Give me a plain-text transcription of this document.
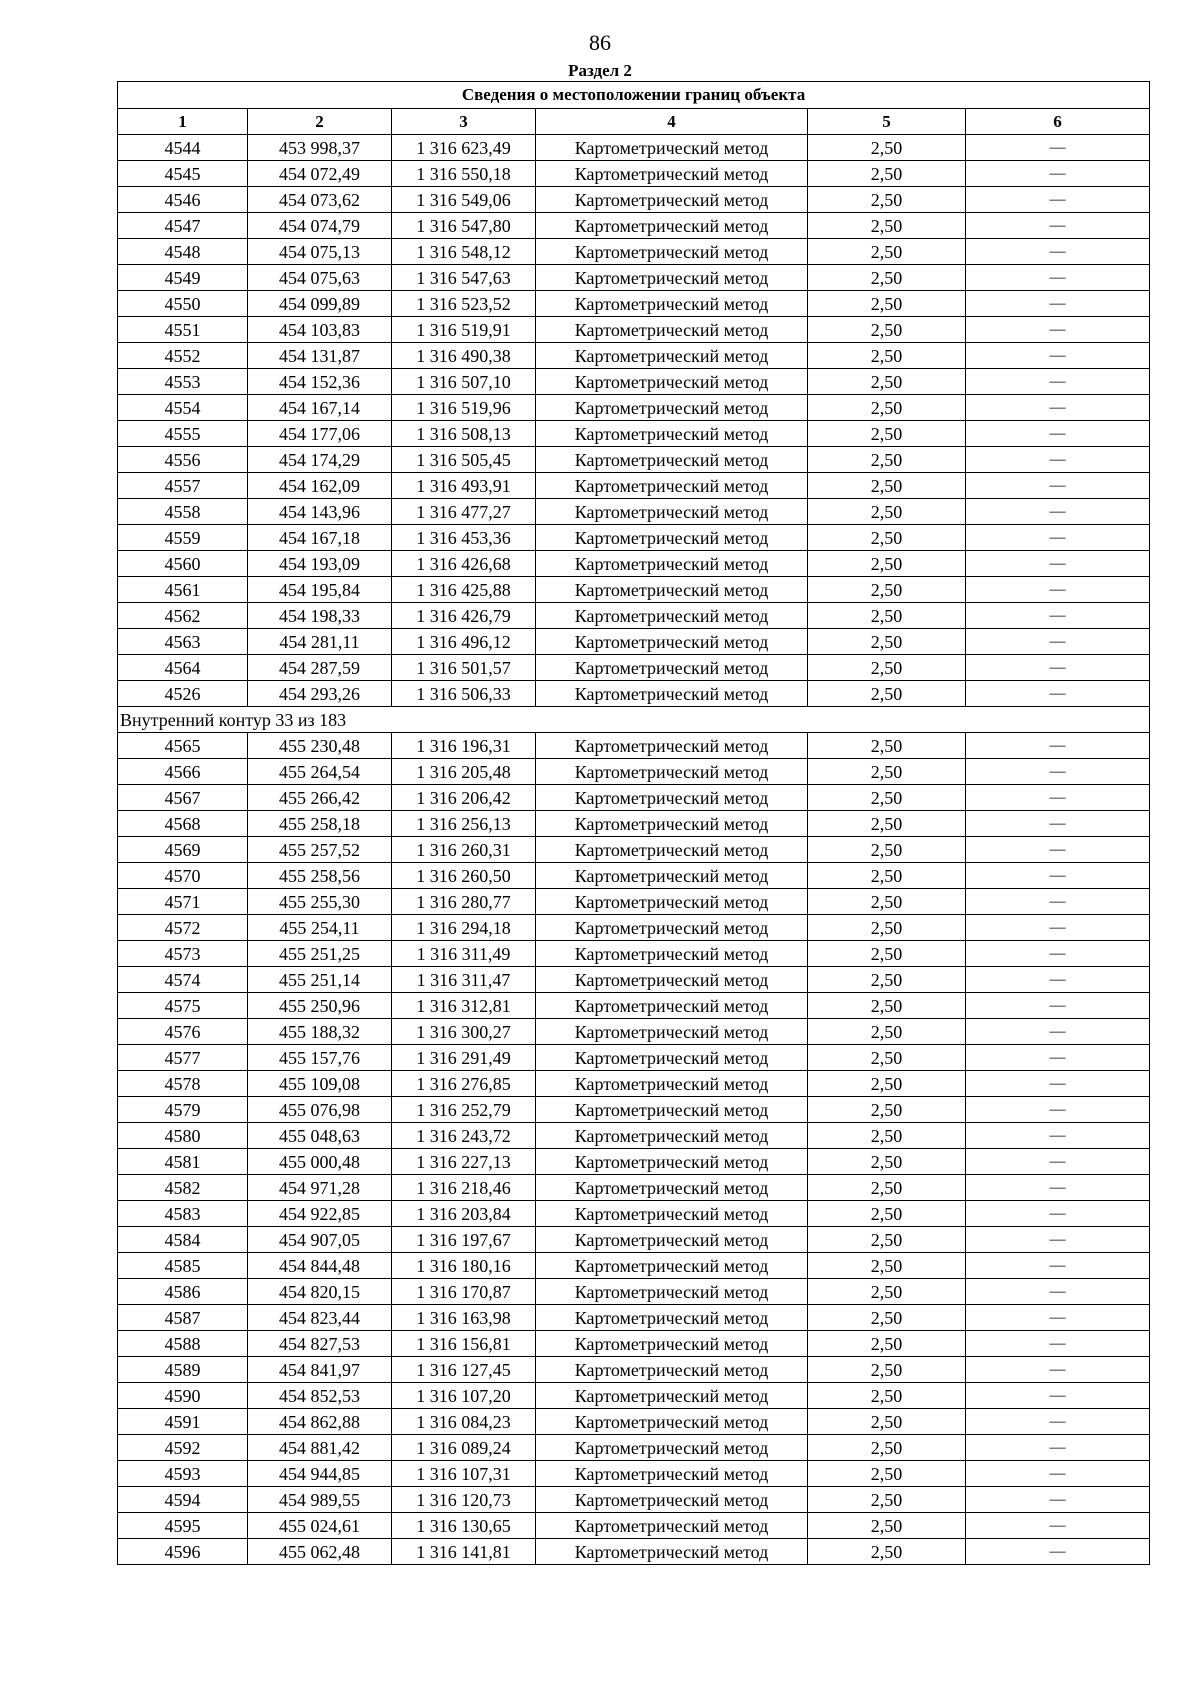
86
Раздел 2
Сведения о местоположении границ объекта					
1	2	3	4	5	6
4544	453 998,37	1 316 623,49	Картометрический метод	2,50	—
4545	454 072,49	1 316 550,18	Картометрический метод	2,50	—
4546	454 073,62	1 316 549,06	Картометрический метод	2,50	—
4547	454 074,79	1 316 547,80	Картометрический метод	2,50	—
4548	454 075,13	1 316 548,12	Картометрический метод	2,50	—
4549	454 075,63	1 316 547,63	Картометрический метод	2,50	—
4550	454 099,89	1 316 523,52	Картометрический метод	2,50	—
4551	454 103,83	1 316 519,91	Картометрический метод	2,50	—
4552	454 131,87	1 316 490,38	Картометрический метод	2,50	—
4553	454 152,36	1 316 507,10	Картометрический метод	2,50	—
4554	454 167,14	1 316 519,96	Картометрический метод	2,50	—
4555	454 177,06	1 316 508,13	Картометрический метод	2,50	—
4556	454 174,29	1 316 505,45	Картометрический метод	2,50	—
4557	454 162,09	1 316 493,91	Картометрический метод	2,50	—
4558	454 143,96	1 316 477,27	Картометрический метод	2,50	—
4559	454 167,18	1 316 453,36	Картометрический метод	2,50	—
4560	454 193,09	1 316 426,68	Картометрический метод	2,50	—
4561	454 195,84	1 316 425,88	Картометрический метод	2,50	—
4562	454 198,33	1 316 426,79	Картометрический метод	2,50	—
4563	454 281,11	1 316 496,12	Картометрический метод	2,50	—
4564	454 287,59	1 316 501,57	Картометрический метод	2,50	—
4526	454 293,26	1 316 506,33	Картометрический метод	2,50	—
Внутренний контур 33 из 183					
4565	455 230,48	1 316 196,31	Картометрический метод	2,50	—
4566	455 264,54	1 316 205,48	Картометрический метод	2,50	—
4567	455 266,42	1 316 206,42	Картометрический метод	2,50	—
4568	455 258,18	1 316 256,13	Картометрический метод	2,50	—
4569	455 257,52	1 316 260,31	Картометрический метод	2,50	—
4570	455 258,56	1 316 260,50	Картометрический метод	2,50	—
4571	455 255,30	1 316 280,77	Картометрический метод	2,50	—
4572	455 254,11	1 316 294,18	Картометрический метод	2,50	—
4573	455 251,25	1 316 311,49	Картометрический метод	2,50	—
4574	455 251,14	1 316 311,47	Картометрический метод	2,50	—
4575	455 250,96	1 316 312,81	Картометрический метод	2,50	—
4576	455 188,32	1 316 300,27	Картометрический метод	2,50	—
4577	455 157,76	1 316 291,49	Картометрический метод	2,50	—
4578	455 109,08	1 316 276,85	Картометрический метод	2,50	—
4579	455 076,98	1 316 252,79	Картометрический метод	2,50	—
4580	455 048,63	1 316 243,72	Картометрический метод	2,50	—
4581	455 000,48	1 316 227,13	Картометрический метод	2,50	—
4582	454 971,28	1 316 218,46	Картометрический метод	2,50	—
4583	454 922,85	1 316 203,84	Картометрический метод	2,50	—
4584	454 907,05	1 316 197,67	Картометрический метод	2,50	—
4585	454 844,48	1 316 180,16	Картометрический метод	2,50	—
4586	454 820,15	1 316 170,87	Картометрический метод	2,50	—
4587	454 823,44	1 316 163,98	Картометрический метод	2,50	—
4588	454 827,53	1 316 156,81	Картометрический метод	2,50	—
4589	454 841,97	1 316 127,45	Картометрический метод	2,50	—
4590	454 852,53	1 316 107,20	Картометрический метод	2,50	—
4591	454 862,88	1 316 084,23	Картометрический метод	2,50	—
4592	454 881,42	1 316 089,24	Картометрический метод	2,50	—
4593	454 944,85	1 316 107,31	Картометрический метод	2,50	—
4594	454 989,55	1 316 120,73	Картометрический метод	2,50	—
4595	455 024,61	1 316 130,65	Картометрический метод	2,50	—
4596	455 062,48	1 316 141,81	Картометрический метод	2,50	—
